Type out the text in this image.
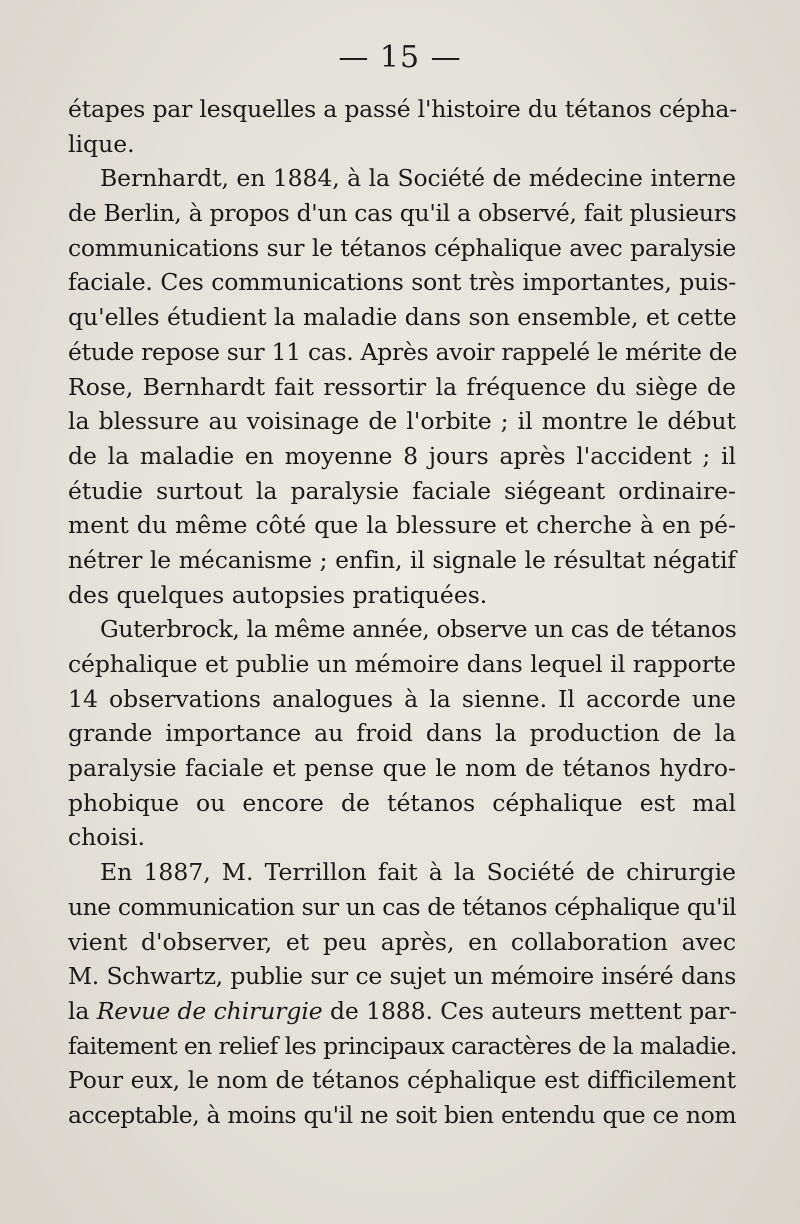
— 15 —
étapes par lesquelles a passé l'histoire du tétanos cépha-
lique.
Bernhardt, en 1884, à la Société de médecine interne
de Berlin, à propos d'un cas qu'il a observé, fait plusieurs
communications sur le tétanos céphalique avec paralysie
faciale. Ces communications sont très importantes, puis-
qu'elles étudient la maladie dans son ensemble, et cette
étude repose sur 11 cas. Après avoir rappelé le mérite de
Rose, Bernhardt fait ressortir la fréquence du siège de
la blessure au voisinage de l'orbite ; il montre le début
de la maladie en moyenne 8 jours après l'accident ; il
étudie surtout la paralysie faciale siégeant ordinaire-
ment du même côté que la blessure et cherche à en pé-
nétrer le mécanisme ; enfin, il signale le résultat négatif
des quelques autopsies pratiquées.
Guterbrock, la même année, observe un cas de tétanos
céphalique et publie un mémoire dans lequel il rapporte
14 observations analogues à la sienne. Il accorde une
grande importance au froid dans la production de la
paralysie faciale et pense que le nom de tétanos hydro-
phobique ou encore de tétanos céphalique est mal
choisi.
En 1887, M. Terrillon fait à la Société de chirurgie
une communication sur un cas de tétanos céphalique qu'il
vient d'observer, et peu après, en collaboration avec
M. Schwartz, publie sur ce sujet un mémoire inséré dans
la Revue de chirurgie de 1888. Ces auteurs mettent par-
faitement en relief les principaux caractères de la maladie.
Pour eux, le nom de tétanos céphalique est difficilement
acceptable, à moins qu'il ne soit bien entendu que ce nom
